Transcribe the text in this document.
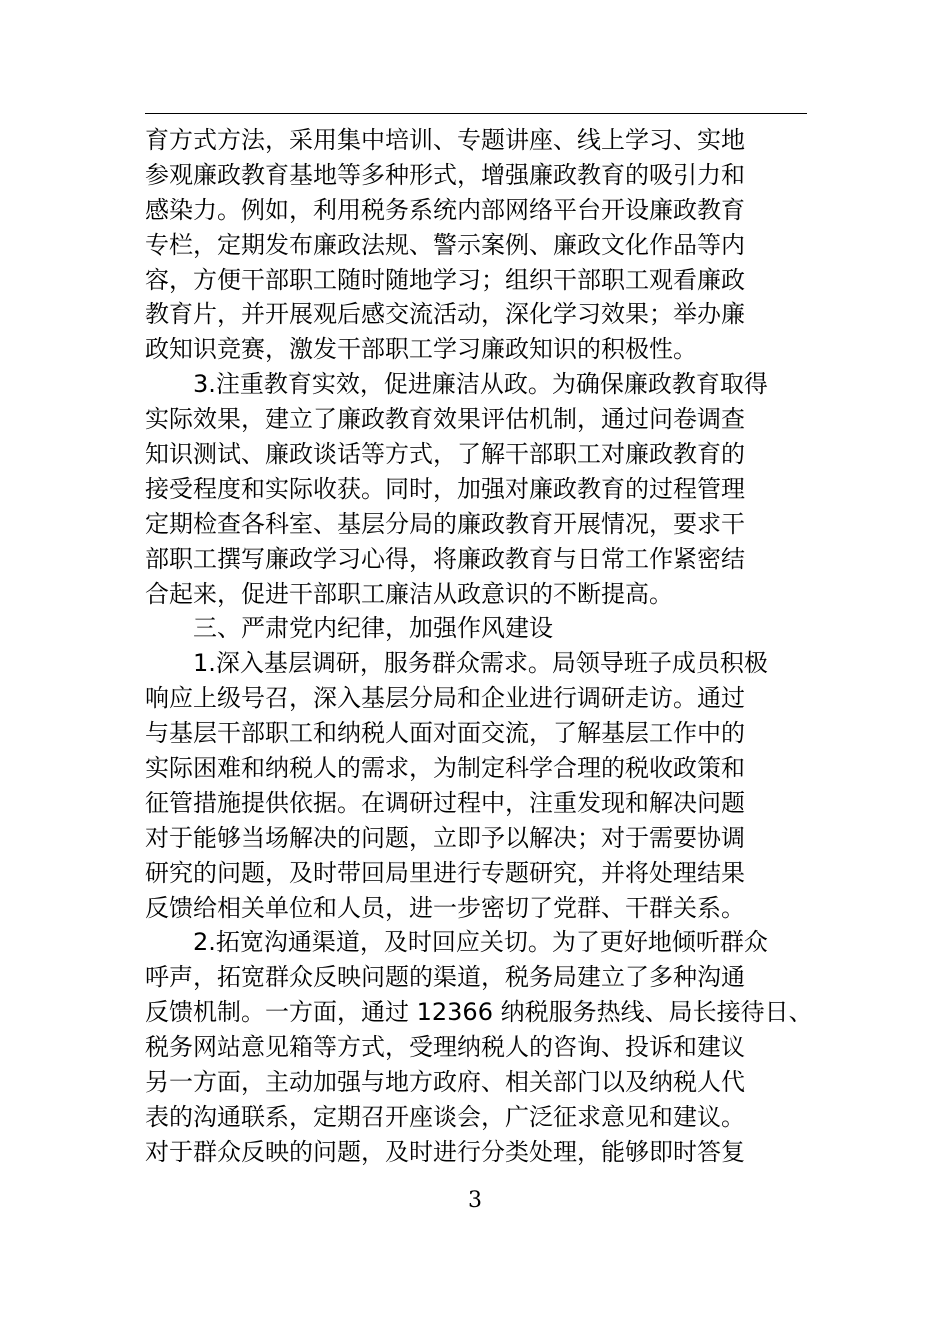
育方式方法，采用集中培训、专题讲座、线上学习、实地
参观廉政教育基地等多种形式，增强廉政教育的吸引力和
感染力。例如，利用税务系统内部网络平台开设廉政教育
专栏，定期发布廉政法规、警示案例、廉政文化作品等内
容，方便干部职工随时随地学习；组织干部职工观看廉政
教育片，并开展观后感交流活动，深化学习效果；举办廉
政知识竞赛，激发干部职工学习廉政知识的积极性。
　　3.注重教育实效，促进廉洁从政。为确保廉政教育取得
实际效果，建立了廉政教育效果评估机制，通过问卷调查
知识测试、廉政谈话等方式，了解干部职工对廉政教育的
接受程度和实际收获。同时，加强对廉政教育的过程管理
定期检查各科室、基层分局的廉政教育开展情况，要求干
部职工撰写廉政学习心得，将廉政教育与日常工作紧密结
合起来，促进干部职工廉洁从政意识的不断提高。
　　三、严肃党内纪律，加强作风建设
　　1.深入基层调研，服务群众需求。局领导班子成员积极
响应上级号召，深入基层分局和企业进行调研走访。通过
与基层干部职工和纳税人面对面交流，了解基层工作中的
实际困难和纳税人的需求，为制定科学合理的税收政策和
征管措施提供依据。在调研过程中，注重发现和解决问题
对于能够当场解决的问题，立即予以解决；对于需要协调
研究的问题，及时带回局里进行专题研究，并将处理结果
反馈给相关单位和人员，进一步密切了党群、干群关系。
　　2.拓宽沟通渠道，及时回应关切。为了更好地倾听群众
呼声，拓宽群众反映问题的渠道，税务局建立了多种沟通
反馈机制。一方面，通过 12366 纳税服务热线、局长接待日、
税务网站意见箱等方式，受理纳税人的咨询、投诉和建议
另一方面，主动加强与地方政府、相关部门以及纳税人代
表的沟通联系，定期召开座谈会，广泛征求意见和建议。
对于群众反映的问题，及时进行分类处理，能够即时答复
3
